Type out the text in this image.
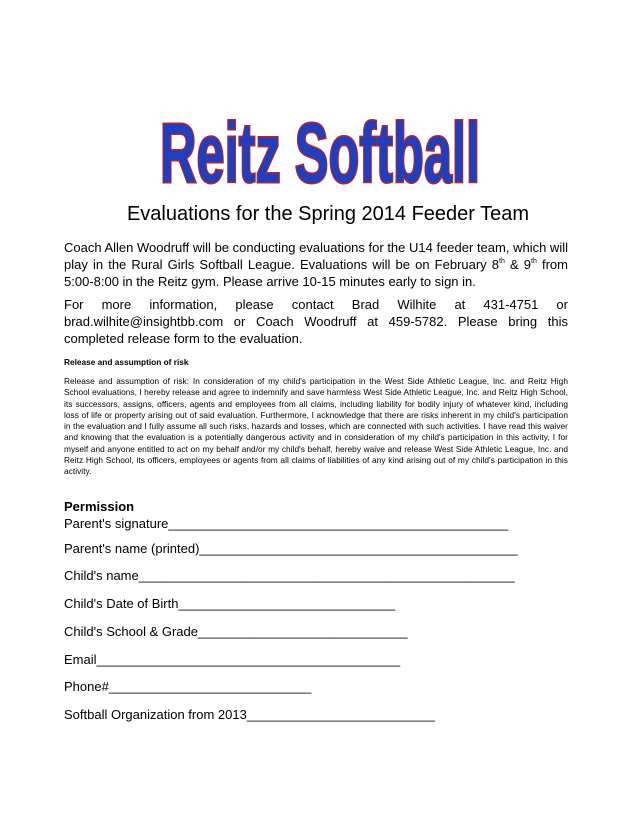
Reitz Softball
Evaluations for the Spring 2014 Feeder Team
Coach Allen Woodruff will be conducting evaluations for the U14 feeder team, which will play in the Rural Girls Softball League. Evaluations will be on February 8th & 9th from 5:00-8:00 in the Reitz gym. Please arrive 10-15 minutes early to sign in.
For more information, please contact Brad Wilhite at 431-4751 or brad.wilhite@insightbb.com or Coach Woodruff at 459-5782. Please bring this completed release form to the evaluation.
Release and assumption of risk
Release and assumption of risk: In consideration of my child's participation in the West Side Athletic League, Inc. and Reitz High School evaluations, I hereby release and agree to indemnify and save harmless West Side Athletic League, Inc. and Reitz High School, its successors, assigns, officers, agents and employees from all claims, including liability for bodily injury of whatever kind, including loss of life or property arising out of said evaluation. Furthermore, I acknowledge that there are risks inherent in my child's participation in the evaluation and I fully assume all such risks, hazards and losses, which are connected with such activities. I have read this waiver and knowing that the evaluation is a potentially dangerous activity and in consideration of my child's participation in this activity, I for myself and anyone entitled to act on my behalf and/or my child's behalf, hereby waive and release West Side Athletic League, Inc. and Reitz High School, its officers, employees or agents from all claims of liabilities of any kind arising out of my child's participation in this activity.
Permission
Parent's signature_______________________________________________
Parent's name (printed)____________________________________________
Child's name____________________________________________________
Child's Date of Birth______________________________
Child's School & Grade_____________________________
Email__________________________________________
Phone#____________________________
Softball Organization from 2013__________________________
